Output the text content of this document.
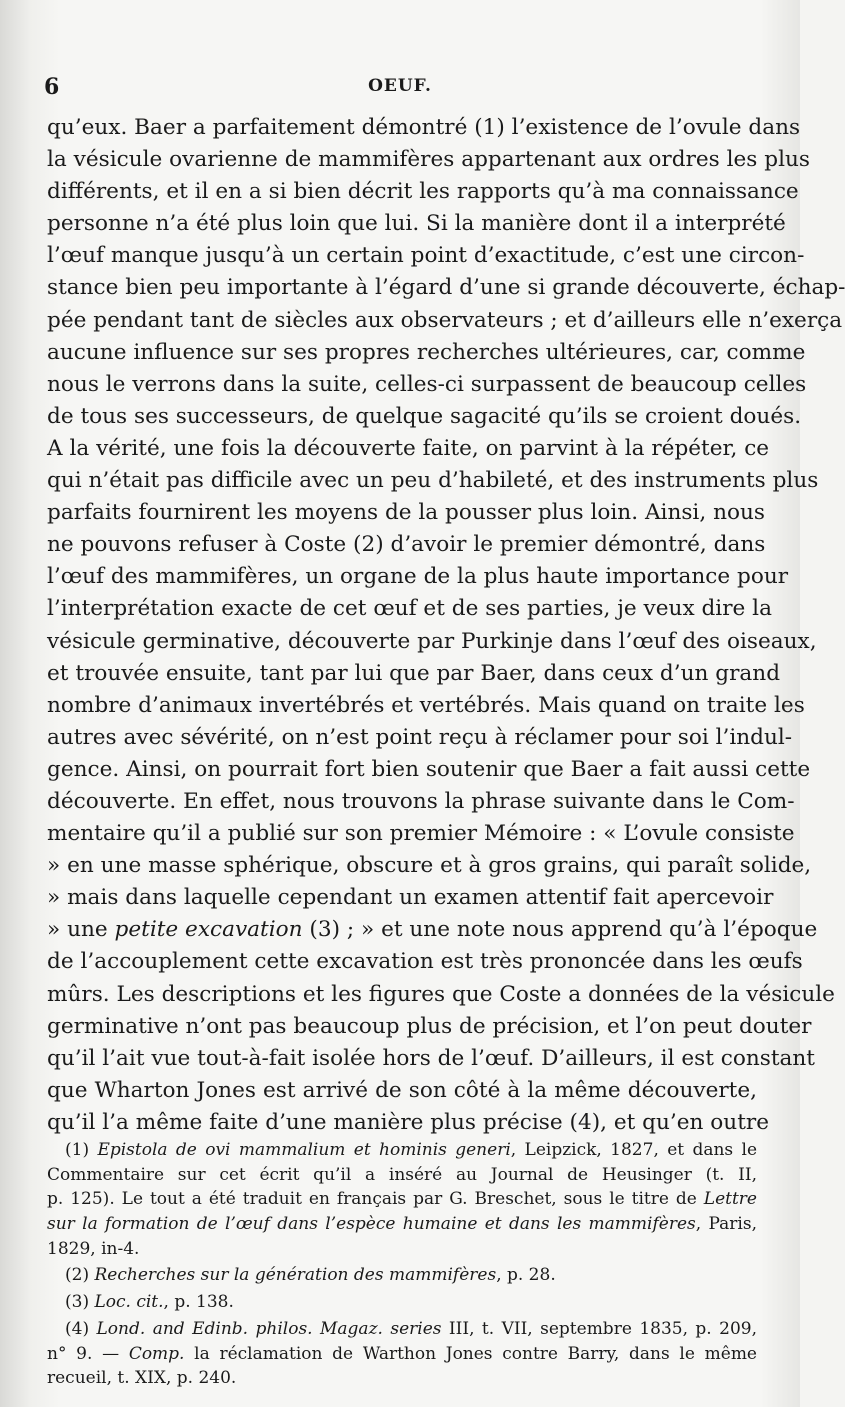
6	OEUF.
qu’eux. Baer a parfaitement démontré (1) l’existence de l’ovule dans
la vésicule ovarienne de mammifères appartenant aux ordres les plus
différents, et il en a si bien décrit les rapports qu’à ma connaissance
personne n’a été plus loin que lui. Si la manière dont il a interprété
l’œuf manque jusqu’à un certain point d’exactitude, c’est une circon-
stance bien peu importante à l’égard d’une si grande découverte, échap-
pée pendant tant de siècles aux observateurs ; et d’ailleurs elle n’exerça
aucune influence sur ses propres recherches ultérieures, car, comme
nous le verrons dans la suite, celles-ci surpassent de beaucoup celles
de tous ses successeurs, de quelque sagacité qu’ils se croient doués.
A la vérité, une fois la découverte faite, on parvint à la répéter, ce
qui n’était pas difficile avec un peu d’habileté, et des instruments plus
parfaits fournirent les moyens de la pousser plus loin. Ainsi, nous
ne pouvons refuser à Coste (2) d’avoir le premier démontré, dans
l’œuf des mammifères, un organe de la plus haute importance pour
l’interprétation exacte de cet œuf et de ses parties, je veux dire la
vésicule germinative, découverte par Purkinje dans l’œuf des oiseaux,
et trouvée ensuite, tant par lui que par Baer, dans ceux d’un grand
nombre d’animaux invertébrés et vertébrés. Mais quand on traite les
autres avec sévérité, on n’est point reçu à réclamer pour soi l’indul-
gence. Ainsi, on pourrait fort bien soutenir que Baer a fait aussi cette
découverte. En effet, nous trouvons la phrase suivante dans le Com-
mentaire qu’il a publié sur son premier Mémoire : « L’ovule consiste
» en une masse sphérique, obscure et à gros grains, qui paraît solide,
» mais dans laquelle cependant un examen attentif fait apercevoir
» une petite excavation (3) ; » et une note nous apprend qu’à l’époque
de l’accouplement cette excavation est très prononcée dans les œufs
mûrs. Les descriptions et les figures que Coste a données de la vésicule
germinative n’ont pas beaucoup plus de précision, et l’on peut douter
qu’il l’ait vue tout-à-fait isolée hors de l’œuf. D’ailleurs, il est constant
que Wharton Jones est arrivé de son côté à la même découverte,
qu’il l’a même faite d’une manière plus précise (4), et qu’en outre
(1) Epistola de ovi mammalium et hominis generi, Leipzick, 1827, et dans le
Commentaire sur cet écrit qu’il a inséré au Journal de Heusinger (t. II,
p. 125). Le tout a été traduit en français par G. Breschet, sous le titre de Lettre
sur la formation de l’œuf dans l’espèce humaine et dans les mammifères, Paris,
1829, in-4.
(2) Recherches sur la génération des mammifères, p. 28.
(3) Loc. cit., p. 138.
(4) Lond. and Edinb. philos. Magaz. series III, t. VII, septembre 1835, p. 209,
n° 9. — Comp. la réclamation de Warthon Jones contre Barry, dans le même
recueil, t. XIX, p. 240.
